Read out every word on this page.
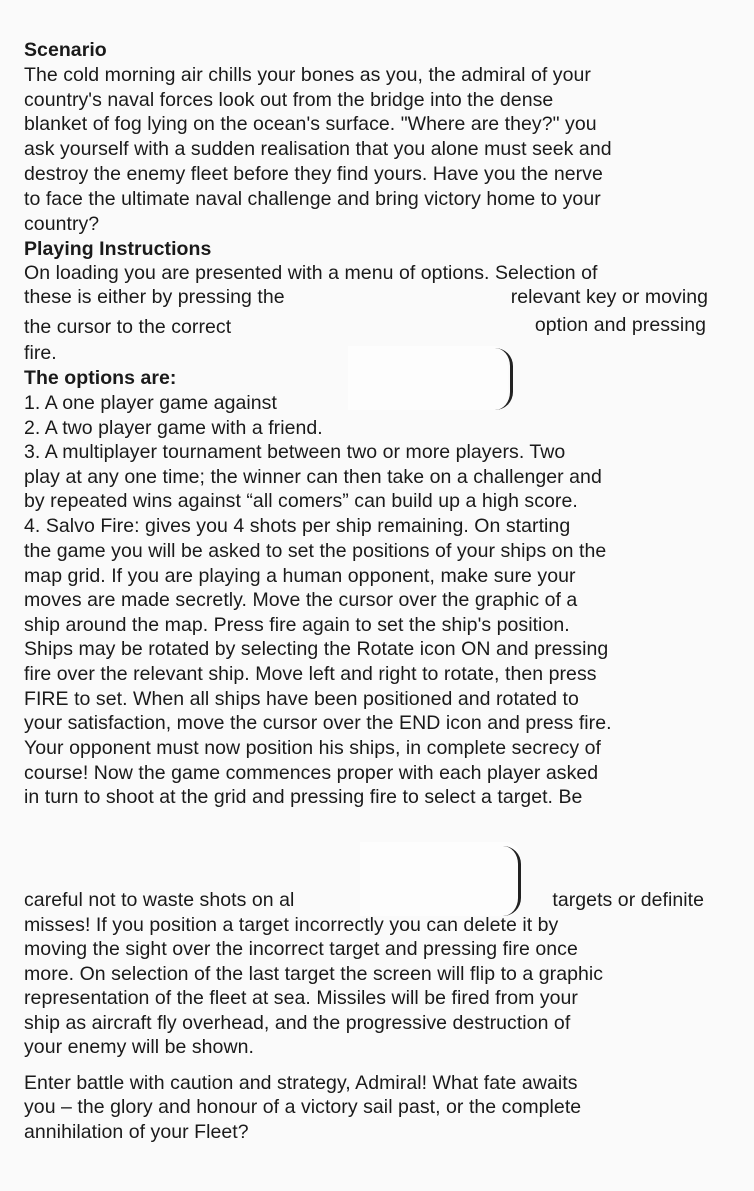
Scenario
The cold morning air chills your bones as you, the admiral of your
country's naval forces look out from the bridge into the dense
blanket of fog lying on the ocean's surface. "Where are they?" you
ask yourself with a sudden realisation that you alone must seek and
destroy the enemy fleet before they find yours. Have you the nerve
to face the ultimate naval challenge and bring victory home to your
country?
Playing Instructions
On loading you are presented with a menu of options. Selection of
these is either by pressing the	relevant key or moving
the cursor to the correct	option and pressing
fire.
The options are:
1. A one player game against
2. A two player game with a friend.
3. A multiplayer tournament between two or more players. Two
play at any one time; the winner can then take on a challenger and
by repeated wins against “all comers” can build up a high score.
4. Salvo Fire: gives you 4 shots per ship remaining. On starting
the game you will be asked to set the positions of your ships on the
map grid. If you are playing a human opponent, make sure your
moves are made secretly. Move the cursor over the graphic of a
ship around the map. Press fire again to set the ship's position.
Ships may be rotated by selecting the Rotate icon ON and pressing
fire over the relevant ship. Move left and right to rotate, then press
FIRE to set. When all ships have been positioned and rotated to
your satisfaction, move the cursor over the END icon and press fire.
Your opponent must now position his ships, in complete secrecy of
course! Now the game commences proper with each player asked
in turn to shoot at the grid and pressing fire to select a target. Be
careful not to waste shots on al	targets or definite
misses! If you position a target incorrectly you can delete it by
moving the sight over the incorrect target and pressing fire once
more. On selection of the last target the screen will flip to a graphic
representation of the fleet at sea. Missiles will be fired from your
ship as aircraft fly overhead, and the progressive destruction of
your enemy will be shown.
Enter battle with caution and strategy, Admiral! What fate awaits
you – the glory and honour of a victory sail past, or the complete
annihilation of your Fleet?
